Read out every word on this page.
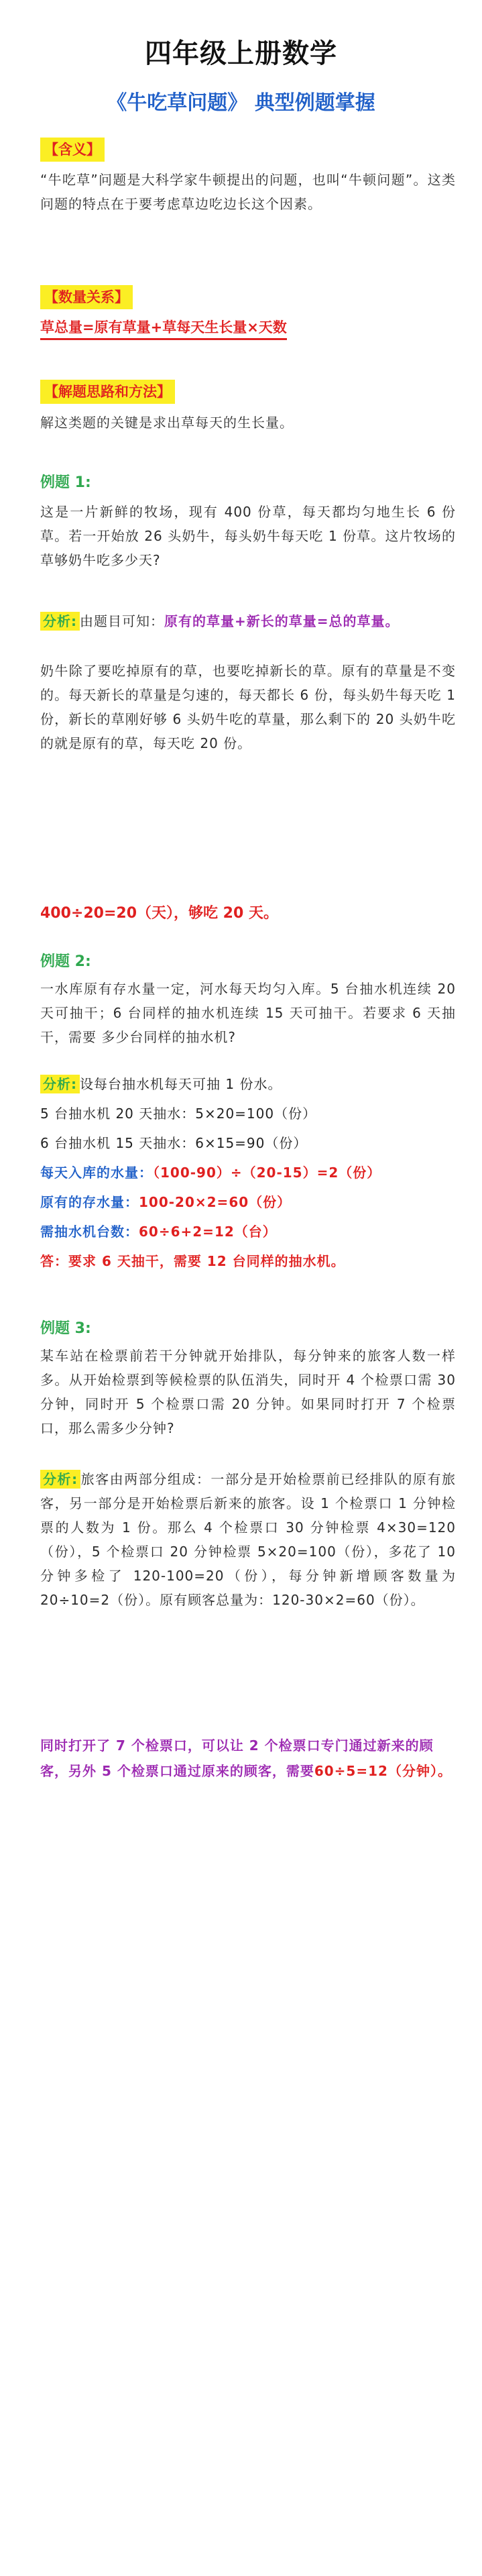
四年级上册数学
《牛吃草问题》 典型例题掌握
【含义】
“牛吃草”问题是大科学家牛顿提出的问题，也叫“牛顿问题”。这类问题的特点在于要考虑草边吃边长这个因素。
【数量关系】
草总量=原有草量+草每天生长量×天数
【解题思路和方法】
解这类题的关键是求出草每天的生长量。
例题 1:
这是一片新鲜的牧场，现有 400 份草，每天都均匀地生长 6 份草。若一开始放 26 头奶牛，每头奶牛每天吃 1 份草。这片牧场的草够奶牛吃多少天?
分析: 由题目可知：原有的草量+新长的草量=总的草量。
奶牛除了要吃掉原有的草，也要吃掉新长的草。原有的草量是不变的。每天新长的草量是匀速的，每天都长 6 份，每头奶牛每天吃 1 份，新长的草刚好够 6 头奶牛吃的草量，那么剩下的 20 头奶牛吃的就是原有的草，每天吃 20 份。
400÷20=20（天），够吃 20 天。
例题 2:
一水库原有存水量一定，河水每天均匀入库。5 台抽水机连续 20 天可抽干；6 台同样的抽水机连续 15 天可抽干。若要求 6 天抽干，需要 多少台同样的抽水机?
分析: 设每台抽水机每天可抽 1 份水。
5 台抽水机 20 天抽水：5×20=100（份）
6 台抽水机 15 天抽水：6×15=90（份）
每天入库的水量：（100-90）÷（20-15）=2（份）
原有的存水量：100-20×2=60（份）
需抽水机台数：60÷6+2=12（台）
答：要求 6 天抽干，需要 12 台同样的抽水机。
例题 3:
某车站在检票前若干分钟就开始排队，每分钟来的旅客人数一样多。从开始检票到等候检票的队伍消失，同时开 4 个检票口需 30 分钟，同时开 5 个检票口需 20 分钟。如果同时打开 7 个检票口，那么需多少分钟?
分析: 旅客由两部分组成：一部分是开始检票前已经排队的原有旅客，另一部分是开始检票后新来的旅客。设 1 个检票口 1 分钟检票的人数为 1 份。那么 4 个检票口 30 分钟检票 4×30=120（份），5 个检票口 20 分钟检票 5×20=100（份），多花了 10 分钟多检了 120-100=20（份），每分钟新增顾客数量为 20÷10=2（份）。原有顾客总量为：120-30×2=60（份）。
同时打开了 7 个检票口，可以让 2 个检票口专门通过新来的顾客，另外 5 个检票口通过原来的顾客，需要60÷5=12（分钟）。
